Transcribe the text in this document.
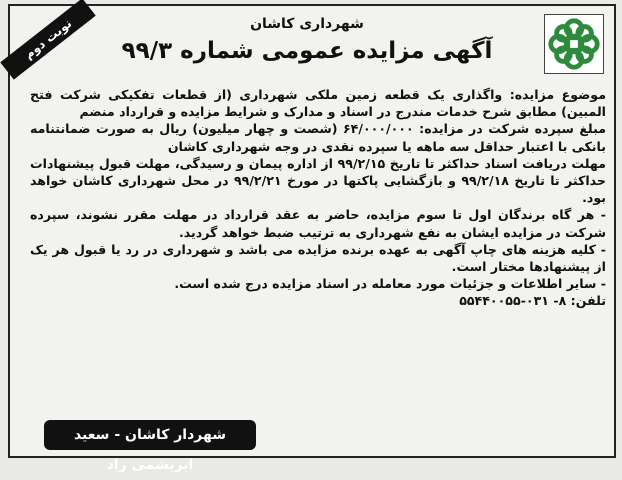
نوبت دوم	شهرداری کاشان
آگهی مزایده عمومی شماره ۹۹/۳

موضوع مزایده: واگذاری یک قطعه زمین ملکی شهرداری (از قطعات تفکیکی شرکت فتح المبین) مطابق شرح خدمات مندرج در اسناد و مدارک و شرایط مزایده و قرارداد منضم

مبلغ سپرده شرکت در مزایده: ۶۴/۰۰۰/۰۰۰ (شصت و چهار میلیون) ریال به صورت ضمانتنامه بانکی با اعتبار حداقل سه ماهه یا سپرده نقدی در وجه شهرداری کاشان

مهلت دریافت اسناد حداکثر تا تاریخ ۹۹/۲/۱۵ از اداره پیمان و رسیدگی، مهلت قبول پیشنهادات حداکثر تا تاریخ ۹۹/۲/۱۸ و بازگشایی پاکتها در مورخ ۹۹/۲/۲۱ در محل شهرداری کاشان خواهد بود.

- هر گاه برندگان اول تا سوم مزایده، حاضر به عقد قرارداد در مهلت مقرر نشوند، سپرده شرکت در مزایده ایشان به نفع شهرداری به ترتیب ضبط خواهد گردید.

- کلیه هزینه های چاپ آگهی به عهده برنده مزایده می باشد و شهرداری در رد یا قبول هر یک از پیشنهادها مختار است.

- سایر اطلاعات و جزئیات مورد معامله در اسناد مزایده درج شده است.

تلفن: ۸- ۰۳۱-۵۵۴۴۰۰۵۵

شهردار کاشان - سعید ابریشمی راد
